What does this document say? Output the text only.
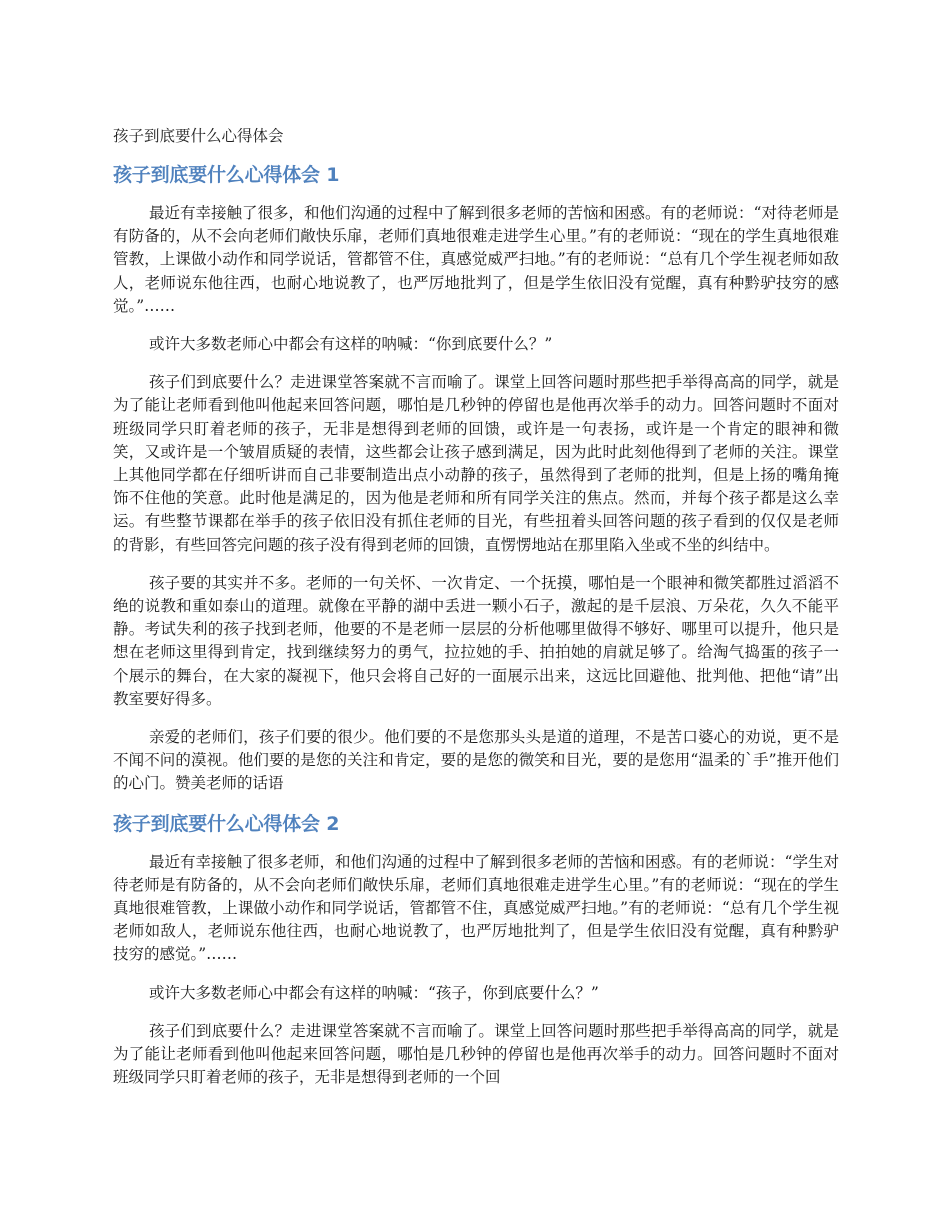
孩子到底要什么心得体会
孩子到底要什么心得体会 1

最近有幸接触了很多，和他们沟通的过程中了解到很多老师的苦恼和困惑。有的老师说：“对待老师是有防备的，从不会向老师们敞快乐扉，老师们真地很难走进学生心里。”有的老师说：“现在的学生真地很难管教，上课做小动作和同学说话，管都管不住，真感觉威严扫地。”有的老师说：“总有几个学生视老师如敌人，老师说东他往西，也耐心地说教了，也严厉地批判了，但是学生依旧没有觉醒，真有种黔驴技穷的感觉。”……

或许大多数老师心中都会有这样的呐喊：“你到底要什么？”

孩子们到底要什么？走进课堂答案就不言而喻了。课堂上回答问题时那些把手举得高高的同学，就是为了能让老师看到他叫他起来回答问题，哪怕是几秒钟的停留也是他再次举手的动力。回答问题时不面对班级同学只盯着老师的孩子，无非是想得到老师的回馈，或许是一句表扬，或许是一个肯定的眼神和微笑，又或许是一个皱眉质疑的表情，这些都会让孩子感到满足，因为此时此刻他得到了老师的关注。课堂上其他同学都在仔细听讲而自己非要制造出点小动静的孩子，虽然得到了老师的批判，但是上扬的嘴角掩饰不住他的笑意。此时他是满足的，因为他是老师和所有同学关注的焦点。然而，并每个孩子都是这么幸运。有些整节课都在举手的孩子依旧没有抓住老师的目光，有些扭着头回答问题的孩子看到的仅仅是老师的背影，有些回答完问题的孩子没有得到老师的回馈，直愣愣地站在那里陷入坐或不坐的纠结中。

孩子要的其实并不多。老师的一句关怀、一次肯定、一个抚摸，哪怕是一个眼神和微笑都胜过滔滔不绝的说教和重如泰山的道理。就像在平静的湖中丢进一颗小石子，激起的是千层浪、万朵花，久久不能平静。考试失利的孩子找到老师，他要的不是老师一层层的分析他哪里做得不够好、哪里可以提升，他只是想在老师这里得到肯定，找到继续努力的勇气，拉拉她的手、拍拍她的肩就足够了。给淘气捣蛋的孩子一个展示的舞台，在大家的凝视下，他只会将自己好的一面展示出来，这远比回避他、批判他、把他“请”出教室要好得多。

亲爱的老师们，孩子们要的很少。他们要的不是您那头头是道的道理，不是苦口婆心的劝说，更不是不闻不问的漠视。他们要的是您的关注和肯定，要的是您的微笑和目光，要的是您用“温柔的`手”推开他们的心门。赞美老师的话语

孩子到底要什么心得体会 2

最近有幸接触了很多老师，和他们沟通的过程中了解到很多老师的苦恼和困惑。有的老师说：“学生对待老师是有防备的，从不会向老师们敞快乐扉，老师们真地很难走进学生心里。”有的老师说：“现在的学生真地很难管教，上课做小动作和同学说话，管都管不住，真感觉威严扫地。”有的老师说：“总有几个学生视老师如敌人，老师说东他往西，也耐心地说教了，也严厉地批判了，但是学生依旧没有觉醒，真有种黔驴技穷的感觉。”……

或许大多数老师心中都会有这样的呐喊：“孩子，你到底要什么？”

孩子们到底要什么？走进课堂答案就不言而喻了。课堂上回答问题时那些把手举得高高的同学，就是为了能让老师看到他叫他起来回答问题，哪怕是几秒钟的停留也是他再次举手的动力。回答问题时不面对班级同学只盯着老师的孩子，无非是想得到老师的一个回
